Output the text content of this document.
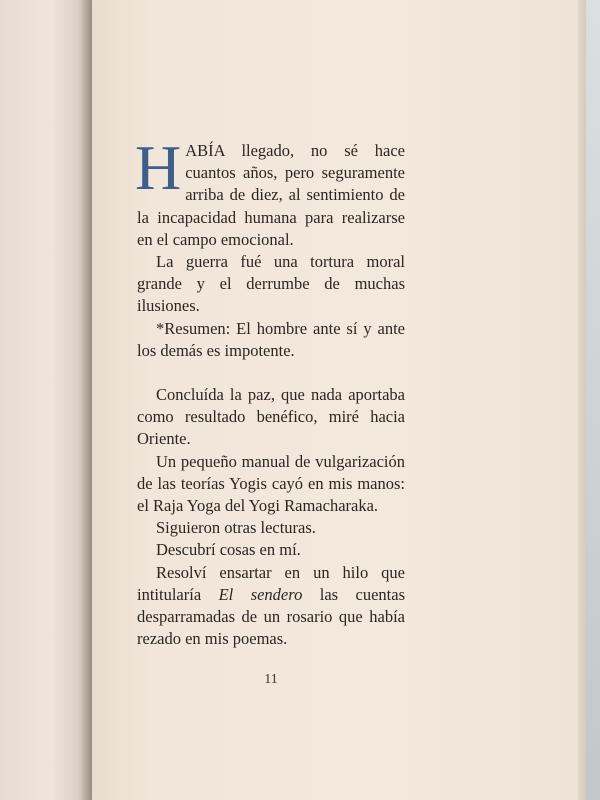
HABÍA llegado, no sé hace cuantos años, pero seguramente arriba de diez, al sentimiento de la incapacidad humana para realizarse en el campo emocional.

La guerra fué una tortura moral grande y el derrumbe de muchas ilusiones.

*Resumen: El hombre ante sí y ante los demás es impotente.

Concluída la paz, que nada aportaba como resultado benéfico, miré hacia Oriente.

Un pequeño manual de vulgarización de las teorías Yogis cayó en mis manos: el Raja Yoga del Yogi Ramacharaka.

Siguieron otras lecturas.

Descubrí cosas en mí.

Resolví ensartar en un hilo que intitularía El sendero las cuentas desparramadas de un rosario que había rezado en mis poemas.

11
